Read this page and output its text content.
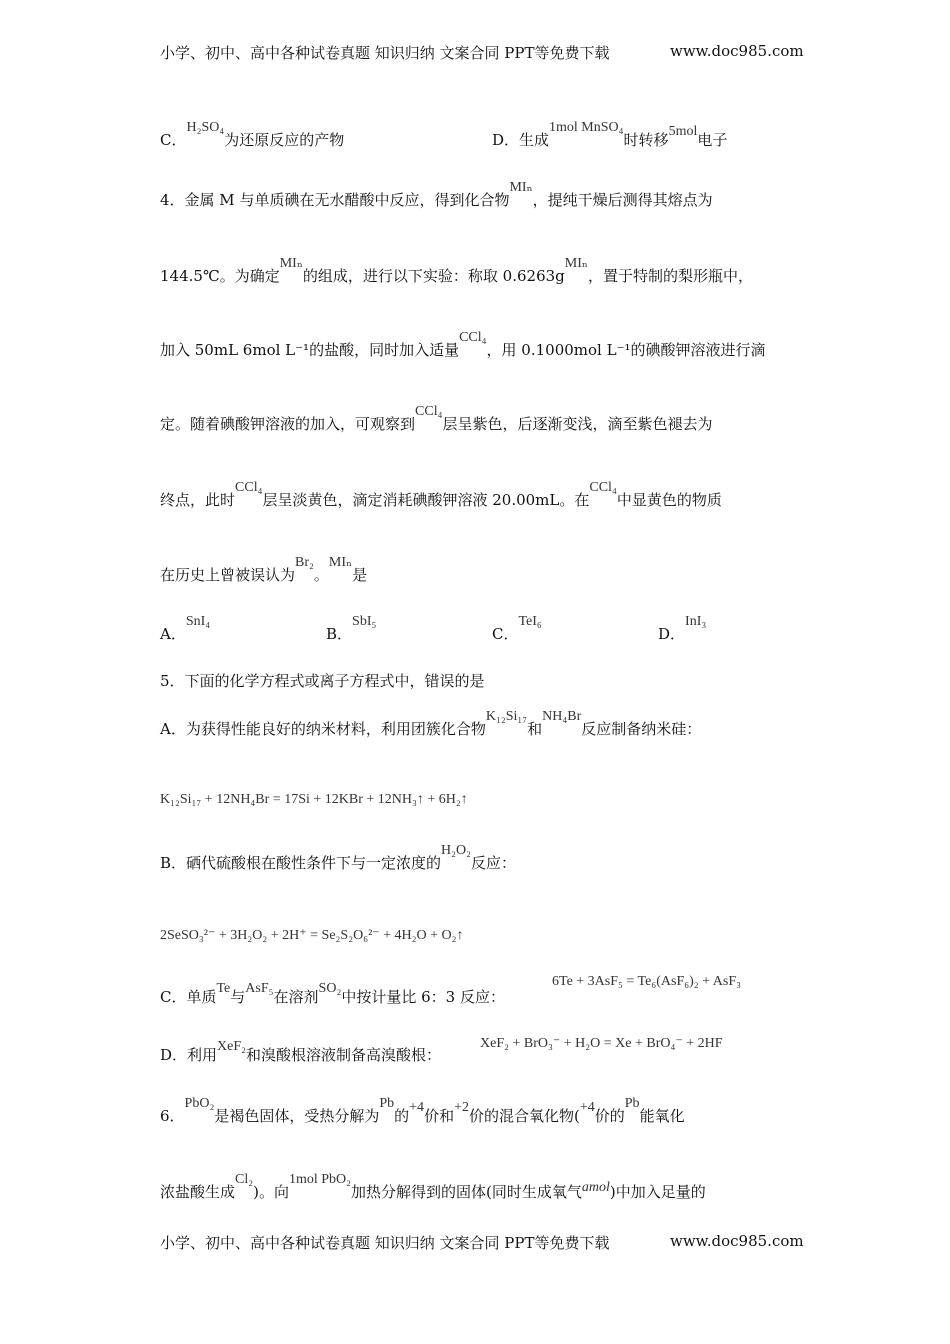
小学、初中、高中各种试卷真题 知识归纳 文案合同 PPT等免费下载	www.doc985.com
C．H₂SO₄为还原反应的产物	D．生成1mol MnSO₄时转移5mol电子
4．金属 M 与单质碘在无水醋酸中反应，得到化合物MIₙ，提纯干燥后测得其熔点为
144.5℃。为确定MIₙ的组成，进行以下实验：称取 0.6263gMIₙ，置于特制的梨形瓶中，
加入 50mL 6mol L⁻¹的盐酸，同时加入适量CCl₄，用 0.1000mol L⁻¹的碘酸钾溶液进行滴
定。随着碘酸钾溶液的加入，可观察到CCl₄层呈紫色，后逐渐变浅，滴至紫色褪去为
终点，此时CCl₄层呈淡黄色，滴定消耗碘酸钾溶液 20.00mL。在CCl₄中显黄色的物质
在历史上曾被误认为Br₂。MIₙ是
A．SnI₄
B．SbI₅
C．TeI₆
D．InI₃
5．下面的化学方程式或离子方程式中，错误的是
A．为获得性能良好的纳米材料，利用团簇化合物K₁₂Si₁₇和NH₄Br反应制备纳米硅：
K₁₂Si₁₇ + 12NH₄Br = 17Si + 12KBr + 12NH₃↑ + 6H₂↑
B．硒代硫酸根在酸性条件下与一定浓度的H₂O₂反应：
2SeSO₃²⁻ + 3H₂O₂ + 2H⁺ = Se₂S₂O₆²⁻ + 4H₂O + O₂↑
C．单质Te与AsF₅在溶剂SO₂中按计量比 6：3 反应：
6Te + 3AsF₅ = Te₆(AsF₆)₂ + AsF₃
D．利用XeF₂和溴酸根溶液制备高溴酸根：
XeF₂ + BrO₃⁻ + H₂O = Xe + BrO₄⁻ + 2HF
6．PbO₂是褐色固体，受热分解为Pb的+4价和+2价的混合氧化物(+4价的Pb能氧化
浓盐酸生成Cl₂)。向1mol PbO₂加热分解得到的固体(同时生成氧气amol)中加入足量的
小学、初中、高中各种试卷真题 知识归纳 文案合同 PPT等免费下载	www.doc985.com
